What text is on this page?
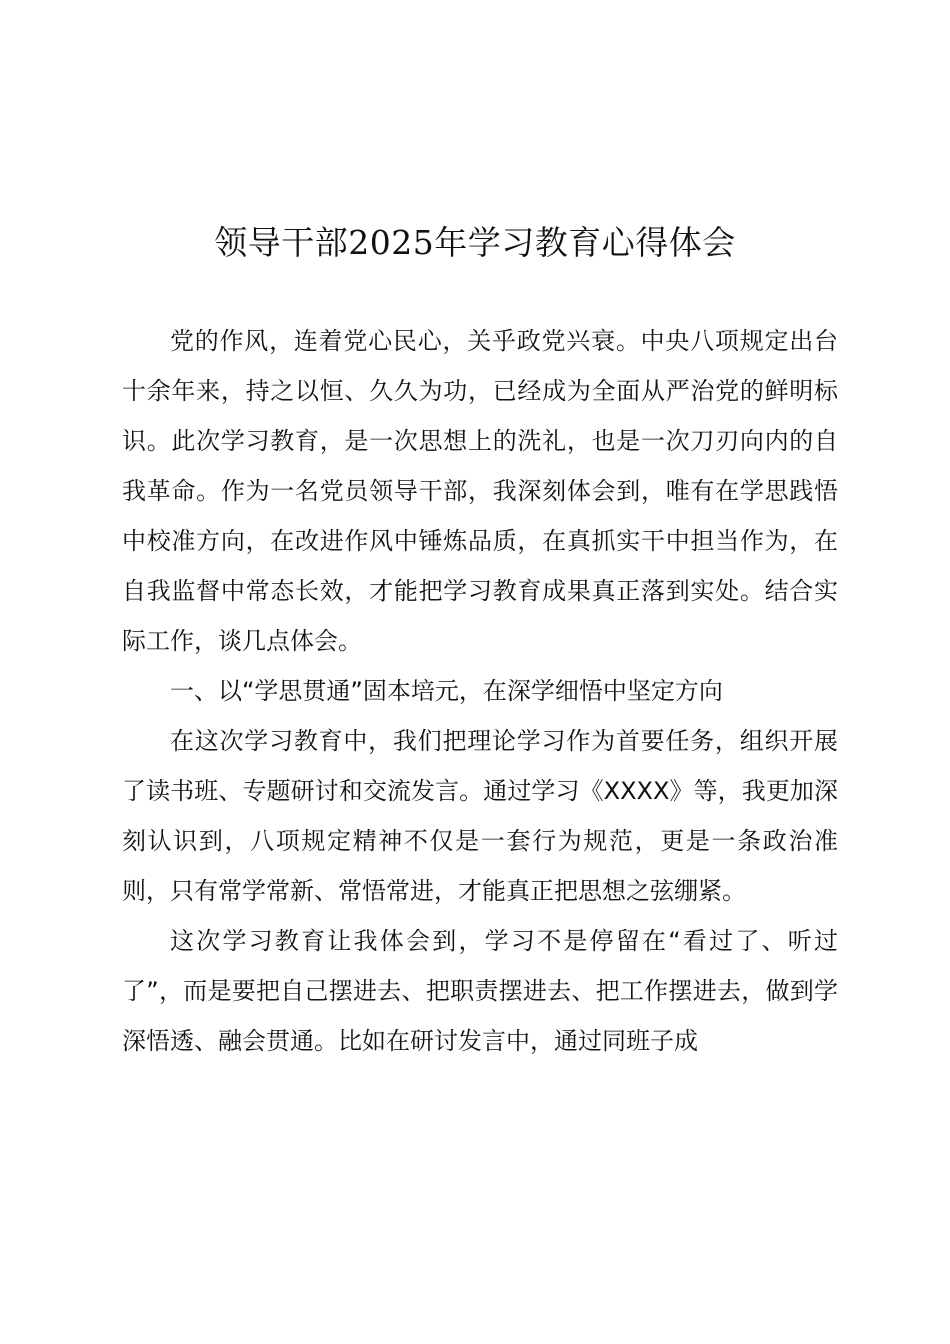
领导干部2025年学习教育心得体会

党的作风，连着党心民心，关乎政党兴衰。中央八项规定出台十余年来，持之以恒、久久为功，已经成为全面从严治党的鲜明标识。此次学习教育，是一次思想上的洗礼，也是一次刀刃向内的自我革命。作为一名党员领导干部，我深刻体会到，唯有在学思践悟中校准方向，在改进作风中锤炼品质，在真抓实干中担当作为，在自我监督中常态长效，才能把学习教育成果真正落到实处。结合实际工作，谈几点体会。

一、以“学思贯通”固本培元，在深学细悟中坚定方向

在这次学习教育中，我们把理论学习作为首要任务，组织开展了读书班、专题研讨和交流发言。通过学习《XXXX》等，我更加深刻认识到，八项规定精神不仅是一套行为规范，更是一条政治准则，只有常学常新、常悟常进，才能真正把思想之弦绷紧。

这次学习教育让我体会到，学习不是停留在“看过了、听过了”，而是要把自己摆进去、把职责摆进去、把工作摆进去，做到学深悟透、融会贯通。比如在研讨发言中，通过同班子成
